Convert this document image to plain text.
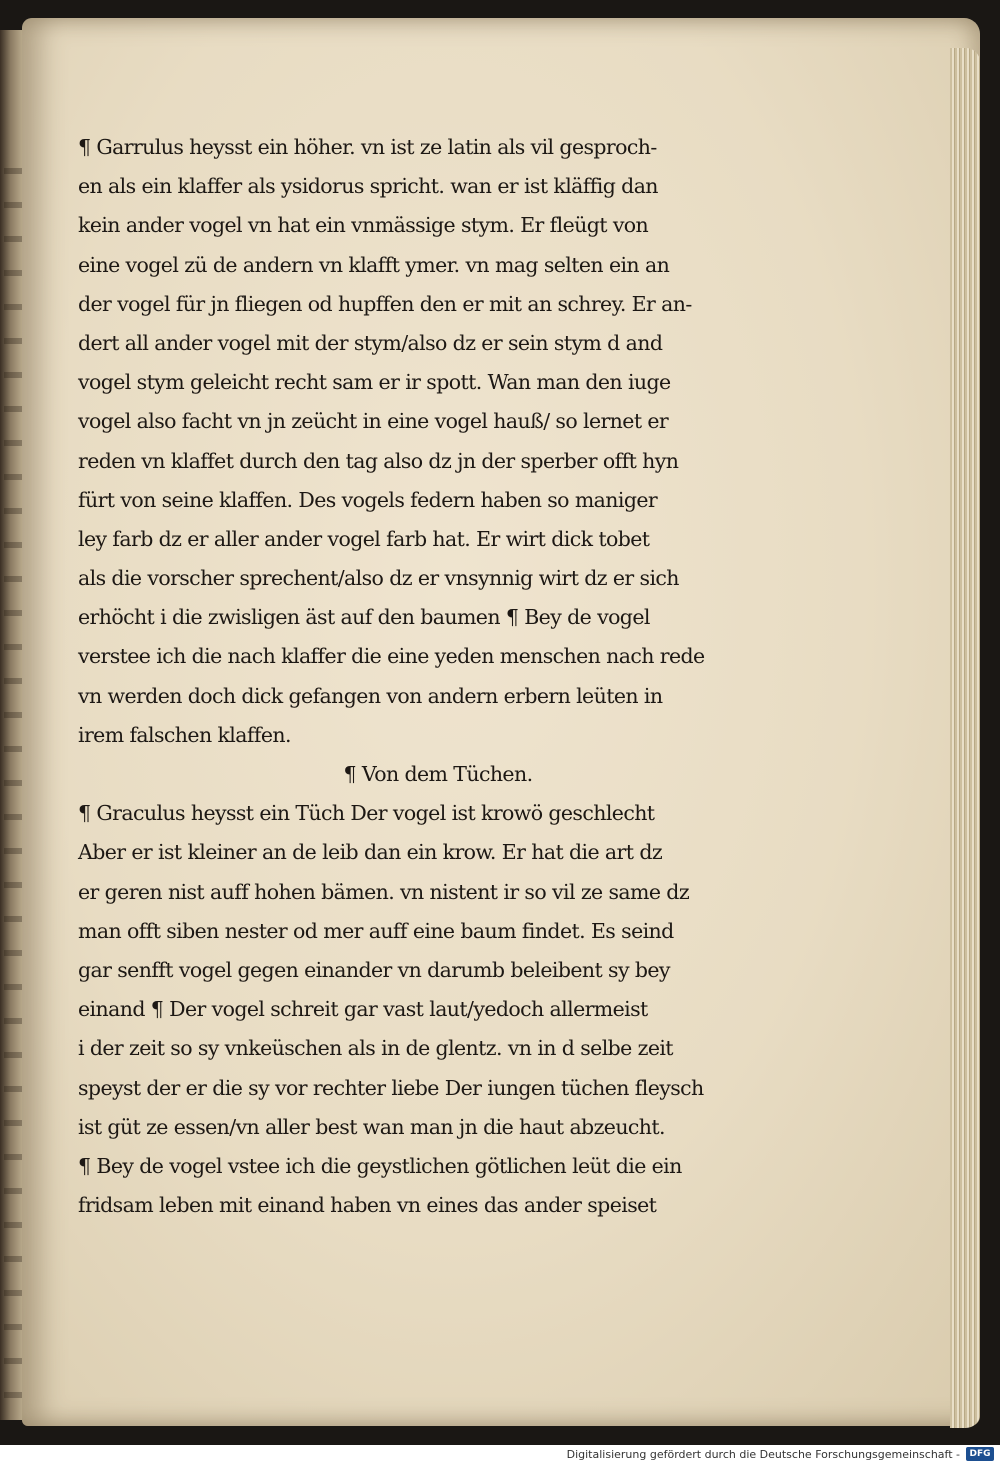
¶ Garrulus heysst ein höher. vn ist ze latin als vil gesproch-
en als ein klaffer als ysidorus spricht. wan er ist kläffig dan
kein ander vogel vn hat ein vnmässige stym. Er fleügt von
eine vogel zü de andern vn klafft ymer. vn mag selten ein an
der vogel für jn fliegen od hupffen den er mit an schrey. Er an-
dert all ander vogel mit der stym/also dz er sein stym d and
vogel stym geleicht recht sam er ir spott. Wan man den iuge
vogel also facht vn jn zeücht in eine vogel hauß/ so lernet er
reden vn klaffet durch den tag also dz jn der sperber offt hyn
fürt von seine klaffen. Des vogels federn haben so maniger
ley farb dz er aller ander vogel farb hat. Er wirt dick tobet
als die vorscher sprechent/also dz er vnsynnig wirt dz er sich
erhöcht i die zwisligen äst auf den baumen ¶ Bey de vogel
verstee ich die nach klaffer die eine yeden menschen nach rede
vn werden doch dick gefangen von andern erbern leüten in
irem falschen klaffen.
¶ Von dem Tüchen.
¶ Graculus heysst ein Tüch Der vogel ist krowö geschlecht
Aber er ist kleiner an de leib dan ein krow. Er hat die art dz
er geren nist auff hohen bämen. vn nistent ir so vil ze same dz
man offt siben nester od mer auff eine baum findet. Es seind
gar senfft vogel gegen einander vn darumb beleibent sy bey
einand ¶ Der vogel schreit gar vast laut/yedoch allermeist
i der zeit so sy vnkeüschen als in de glentz. vn in d selbe zeit
speyst der er die sy vor rechter liebe Der iungen tüchen fleysch
ist güt ze essen/vn aller best wan man jn die haut abzeucht.
¶ Bey de vogel vstee ich die geystlichen götlichen leüt die ein
fridsam leben mit einand haben vn eines das ander speiset
Digitalisierung gefördert durch die Deutsche Forschungsgemeinschaft -	DFG
